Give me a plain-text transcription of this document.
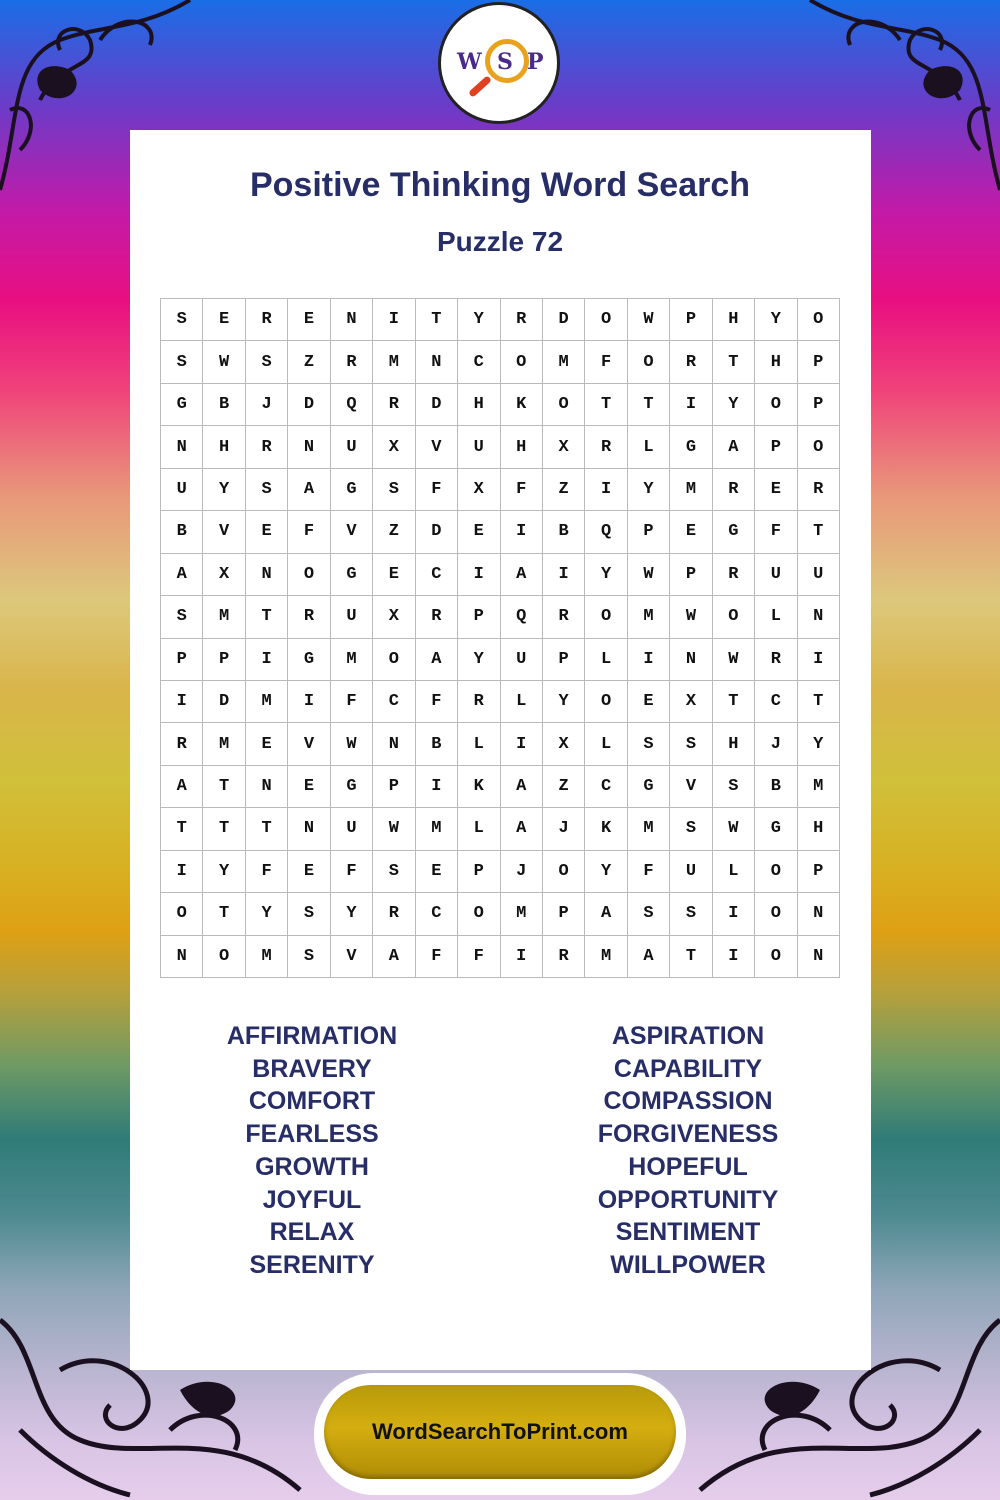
W S P
Positive Thinking Word Search
Puzzle 72
S	E	R	E	N	I	T	Y	R	D	O	W	P	H	Y	O
S	W	S	Z	R	M	N	C	O	M	F	O	R	T	H	P
G	B	J	D	Q	R	D	H	K	O	T	T	I	Y	O	P
N	H	R	N	U	X	V	U	H	X	R	L	G	A	P	O
U	Y	S	A	G	S	F	X	F	Z	I	Y	M	R	E	R
B	V	E	F	V	Z	D	E	I	B	Q	P	E	G	F	T
A	X	N	O	G	E	C	I	A	I	Y	W	P	R	U	U
S	M	T	R	U	X	R	P	Q	R	O	M	W	O	L	N
P	P	I	G	M	O	A	Y	U	P	L	I	N	W	R	I
I	D	M	I	F	C	F	R	L	Y	O	E	X	T	C	T
R	M	E	V	W	N	B	L	I	X	L	S	S	H	J	Y
A	T	N	E	G	P	I	K	A	Z	C	G	V	S	B	M
T	T	T	N	U	W	M	L	A	J	K	M	S	W	G	H
I	Y	F	E	F	S	E	P	J	O	Y	F	U	L	O	P
O	T	Y	S	Y	R	C	O	M	P	A	S	S	I	O	N
N	O	M	S	V	A	F	F	I	R	M	A	T	I	O	N
AFFIRMATION
BRAVERY
COMFORT
FEARLESS
GROWTH
JOYFUL
RELAX
SERENITY
ASPIRATION
CAPABILITY
COMPASSION
FORGIVENESS
HOPEFUL
OPPORTUNITY
SENTIMENT
WILLPOWER
WordSearchToPrint.com
